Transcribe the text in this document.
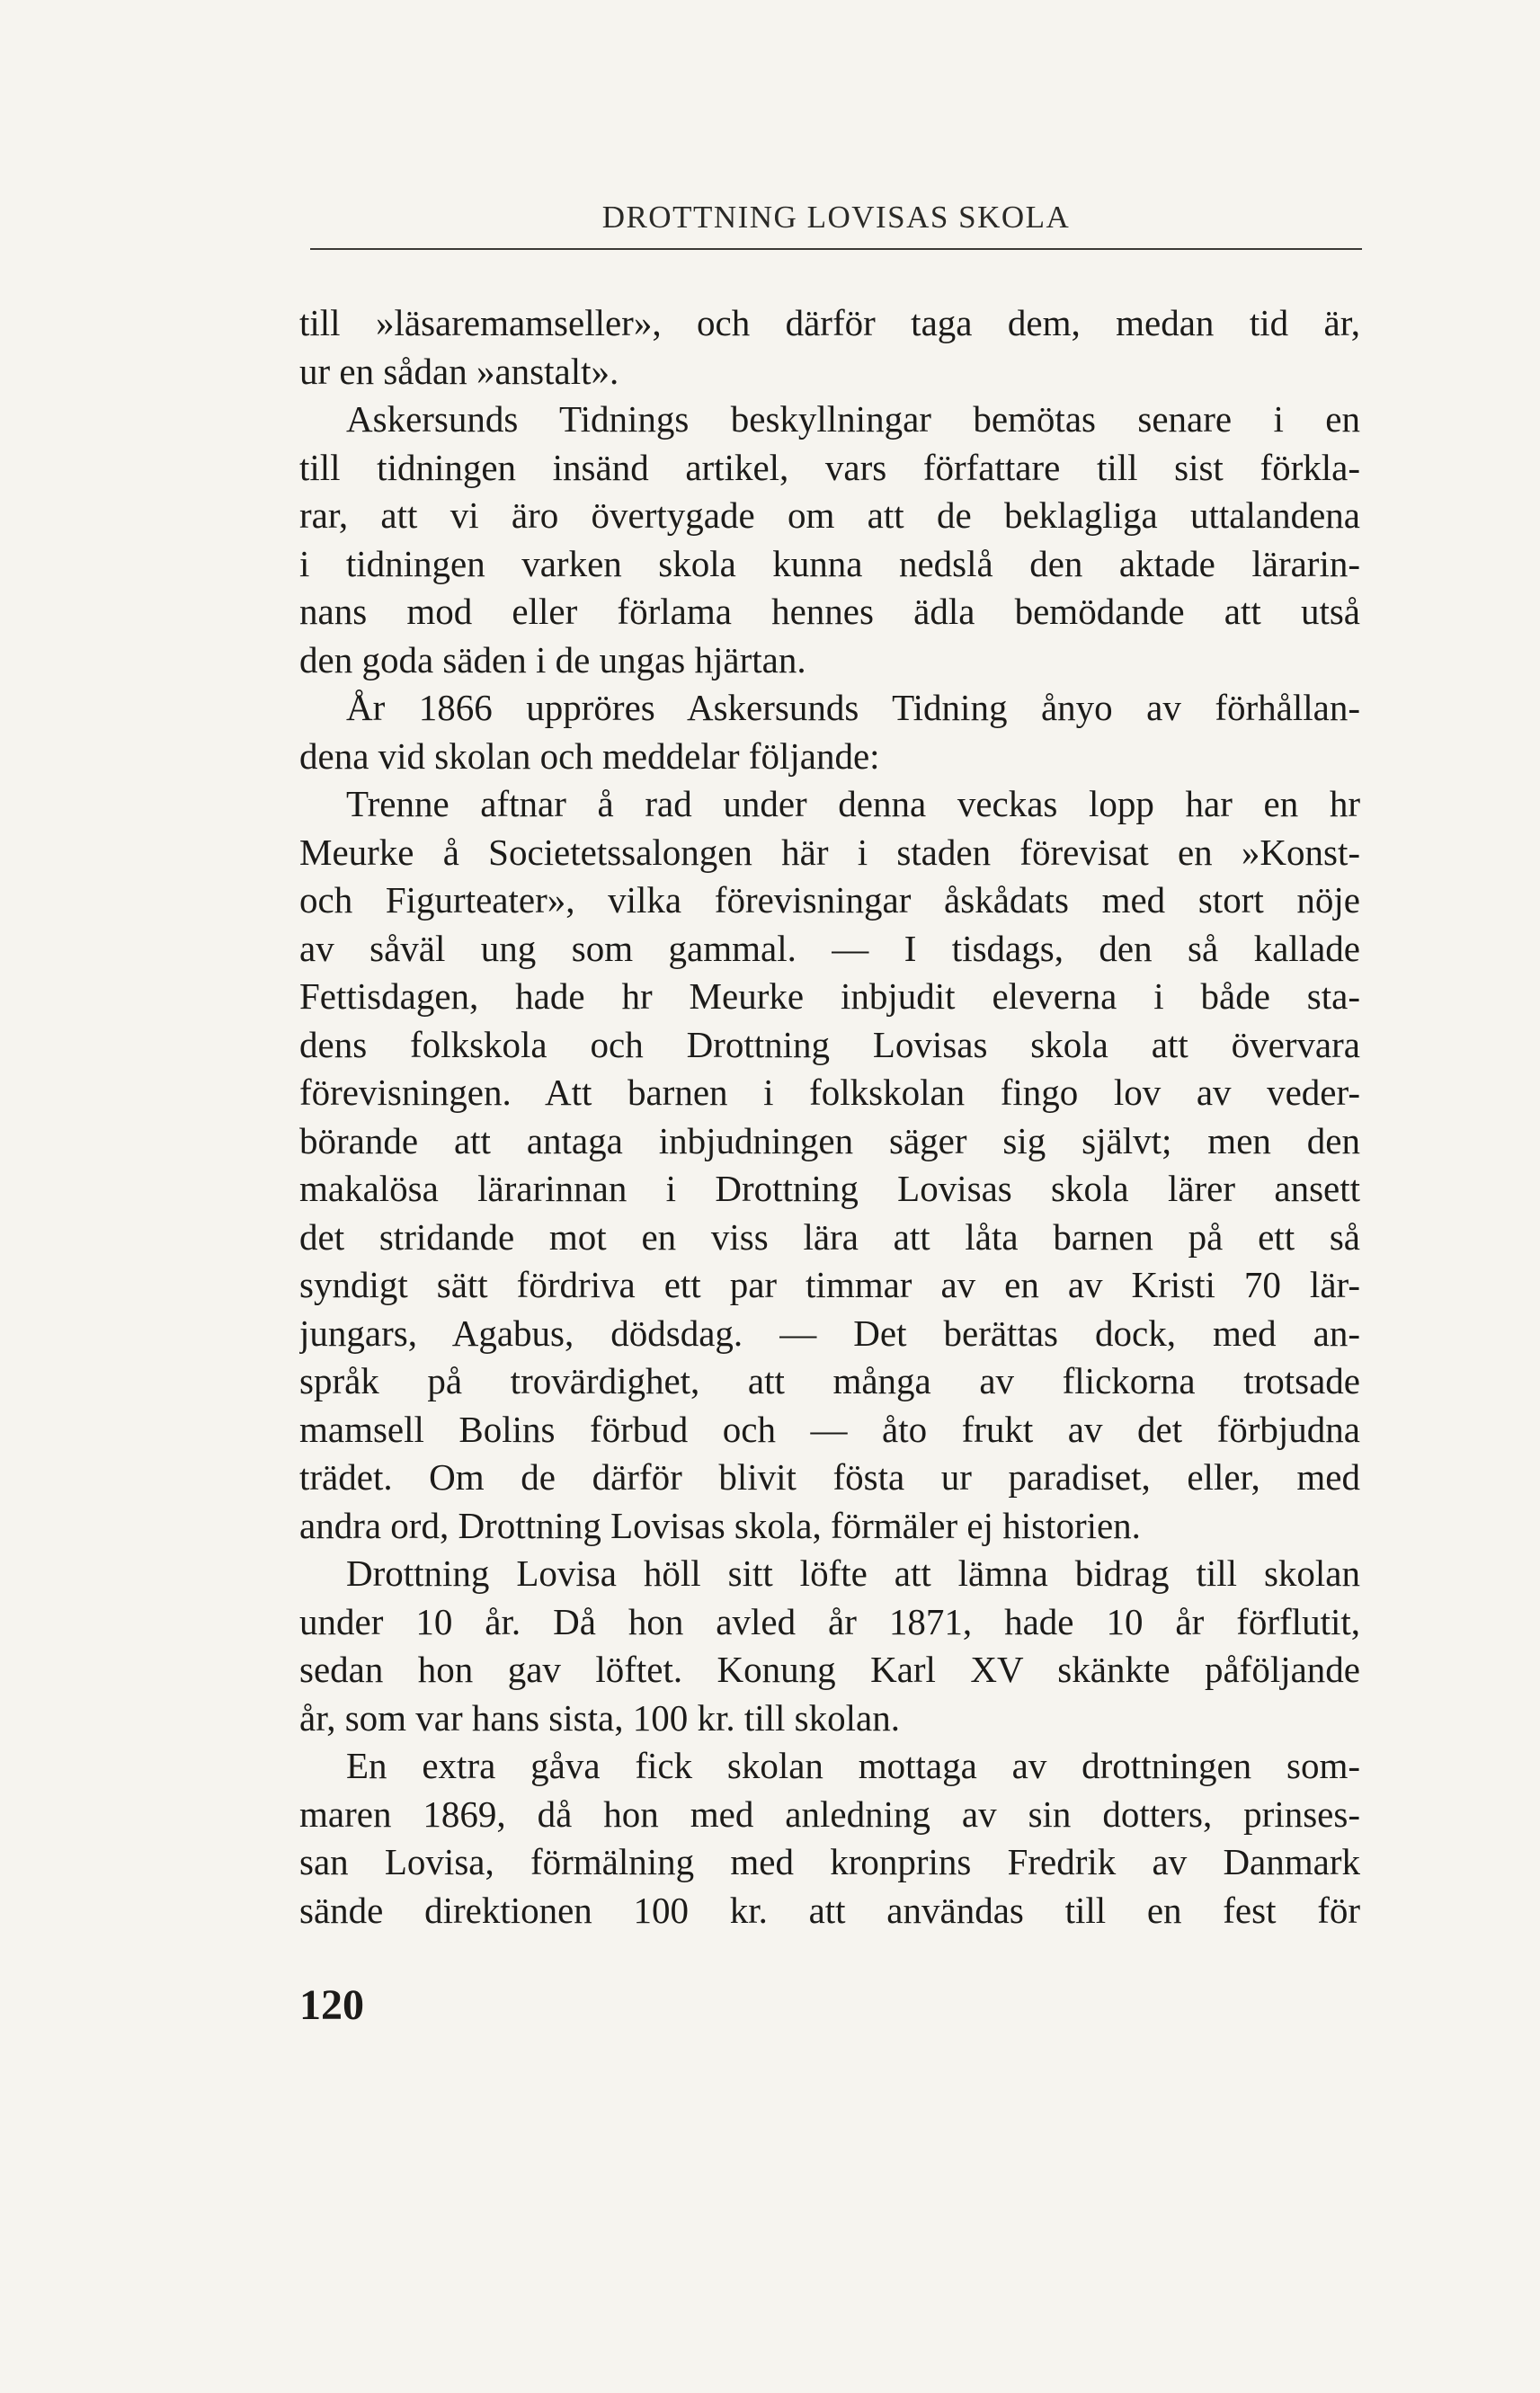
DROTTNING LOVISAS SKOLA
till »läsaremamseller», och därför taga dem, medan tid är,
ur en sådan »anstalt».
Askersunds Tidnings beskyllningar bemötas senare i en
till tidningen insänd artikel, vars författare till sist förkla-
rar, att vi äro övertygade om att de beklagliga uttalandena
i tidningen varken skola kunna nedslå den aktade lärarin-
nans mod eller förlama hennes ädla bemödande att utså
den goda säden i de ungas hjärtan.
År 1866 uppröres Askersunds Tidning ånyo av förhållan-
dena vid skolan och meddelar följande:
Trenne aftnar å rad under denna veckas lopp har en hr
Meurke å Societetssalongen här i staden förevisat en »Konst-
och Figurteater», vilka förevisningar åskådats med stort nöje
av såväl ung som gammal. — I tisdags, den så kallade
Fettisdagen, hade hr Meurke inbjudit eleverna i både sta-
dens folkskola och Drottning Lovisas skola att övervara
förevisningen. Att barnen i folkskolan fingo lov av veder-
börande att antaga inbjudningen säger sig självt; men den
makalösa lärarinnan i Drottning Lovisas skola lärer ansett
det stridande mot en viss lära att låta barnen på ett så
syndigt sätt fördriva ett par timmar av en av Kristi 70 lär-
jungars, Agabus, dödsdag. — Det berättas dock, med an-
språk på trovärdighet, att många av flickorna trotsade
mamsell Bolins förbud och — åto frukt av det förbjudna
trädet. Om de därför blivit fösta ur paradiset, eller, med
andra ord, Drottning Lovisas skola, förmäler ej historien.
Drottning Lovisa höll sitt löfte att lämna bidrag till skolan
under 10 år. Då hon avled år 1871, hade 10 år förflutit,
sedan hon gav löftet. Konung Karl XV skänkte påföljande
år, som var hans sista, 100 kr. till skolan.
En extra gåva fick skolan mottaga av drottningen som-
maren 1869, då hon med anledning av sin dotters, prinses-
san Lovisa, förmälning med kronprins Fredrik av Danmark
sände direktionen 100 kr. att användas till en fest för
120
